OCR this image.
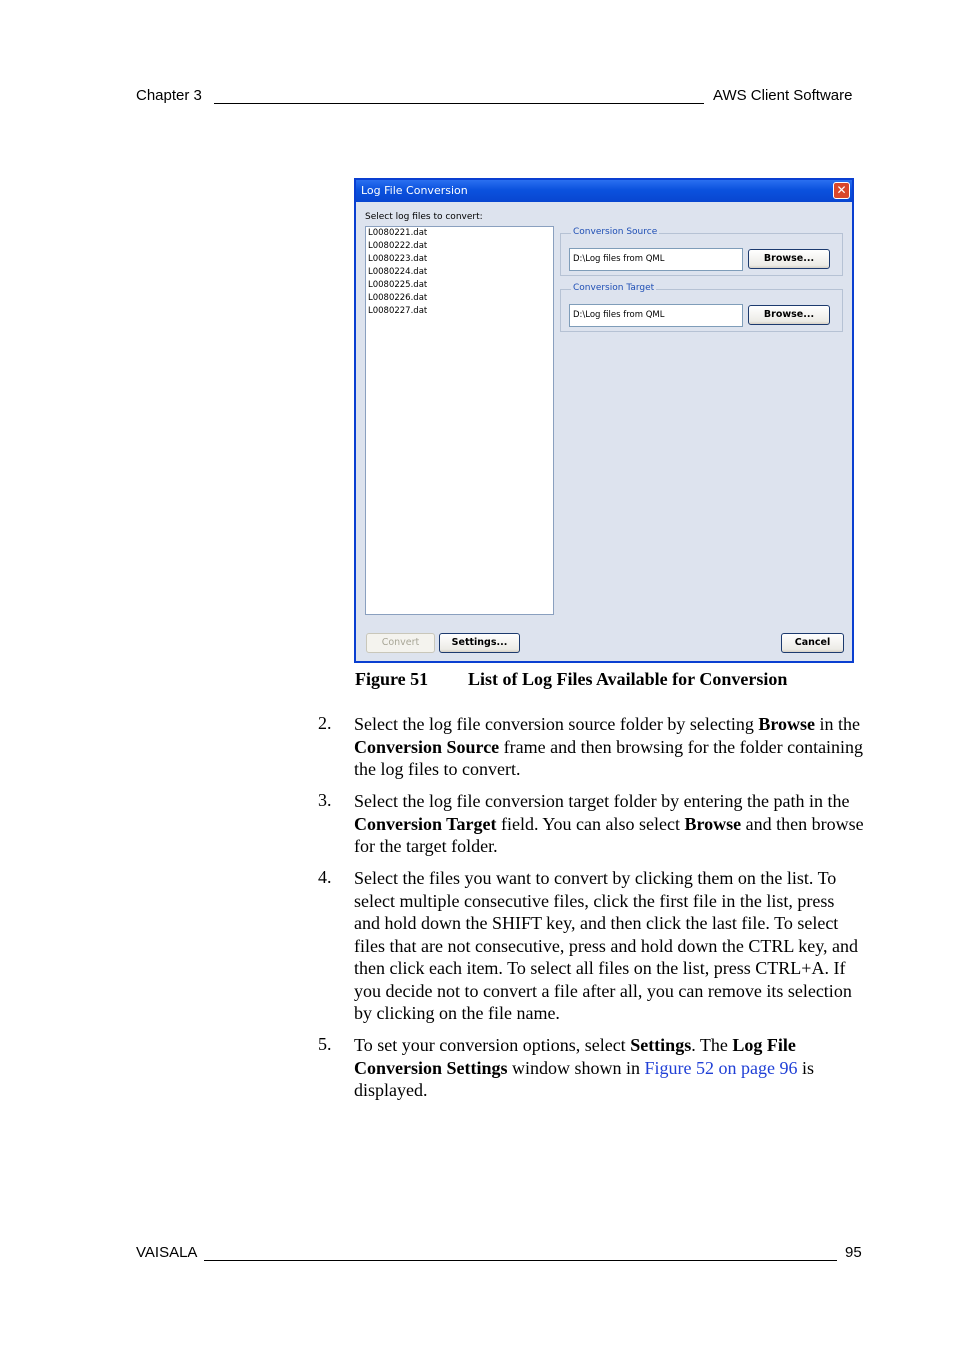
Chapter 3	AWS Client Software
Log File Conversion	✕
Select log files to convert:
L0080221.dat
L0080222.dat
L0080223.dat
L0080224.dat
L0080225.dat
L0080226.dat
L0080227.dat
Conversion Source
D:\Log files from QML	Browse...
Conversion Target
D:\Log files from QML	Browse...
Convert	Settings...	Cancel
Figure 51 List of Log Files Available for Conversion
2. Select the log file conversion source folder by selecting Browse in the Conversion Source frame and then browsing for the folder containing the log files to convert.
3. Select the log file conversion target folder by entering the path in the Conversion Target field. You can also select Browse and then browse for the target folder.
4. Select the files you want to convert by clicking them on the list. To select multiple consecutive files, click the first file in the list, press and hold down the SHIFT key, and then click the last file. To select files that are not consecutive, press and hold down the CTRL key, and then click each item. To select all files on the list, press CTRL+A. If you decide not to convert a file after all, you can remove its selection by clicking on the file name.
5. To set your conversion options, select Settings. The Log File Conversion Settings window shown in Figure 52 on page 96 is displayed.
VAISALA	95
